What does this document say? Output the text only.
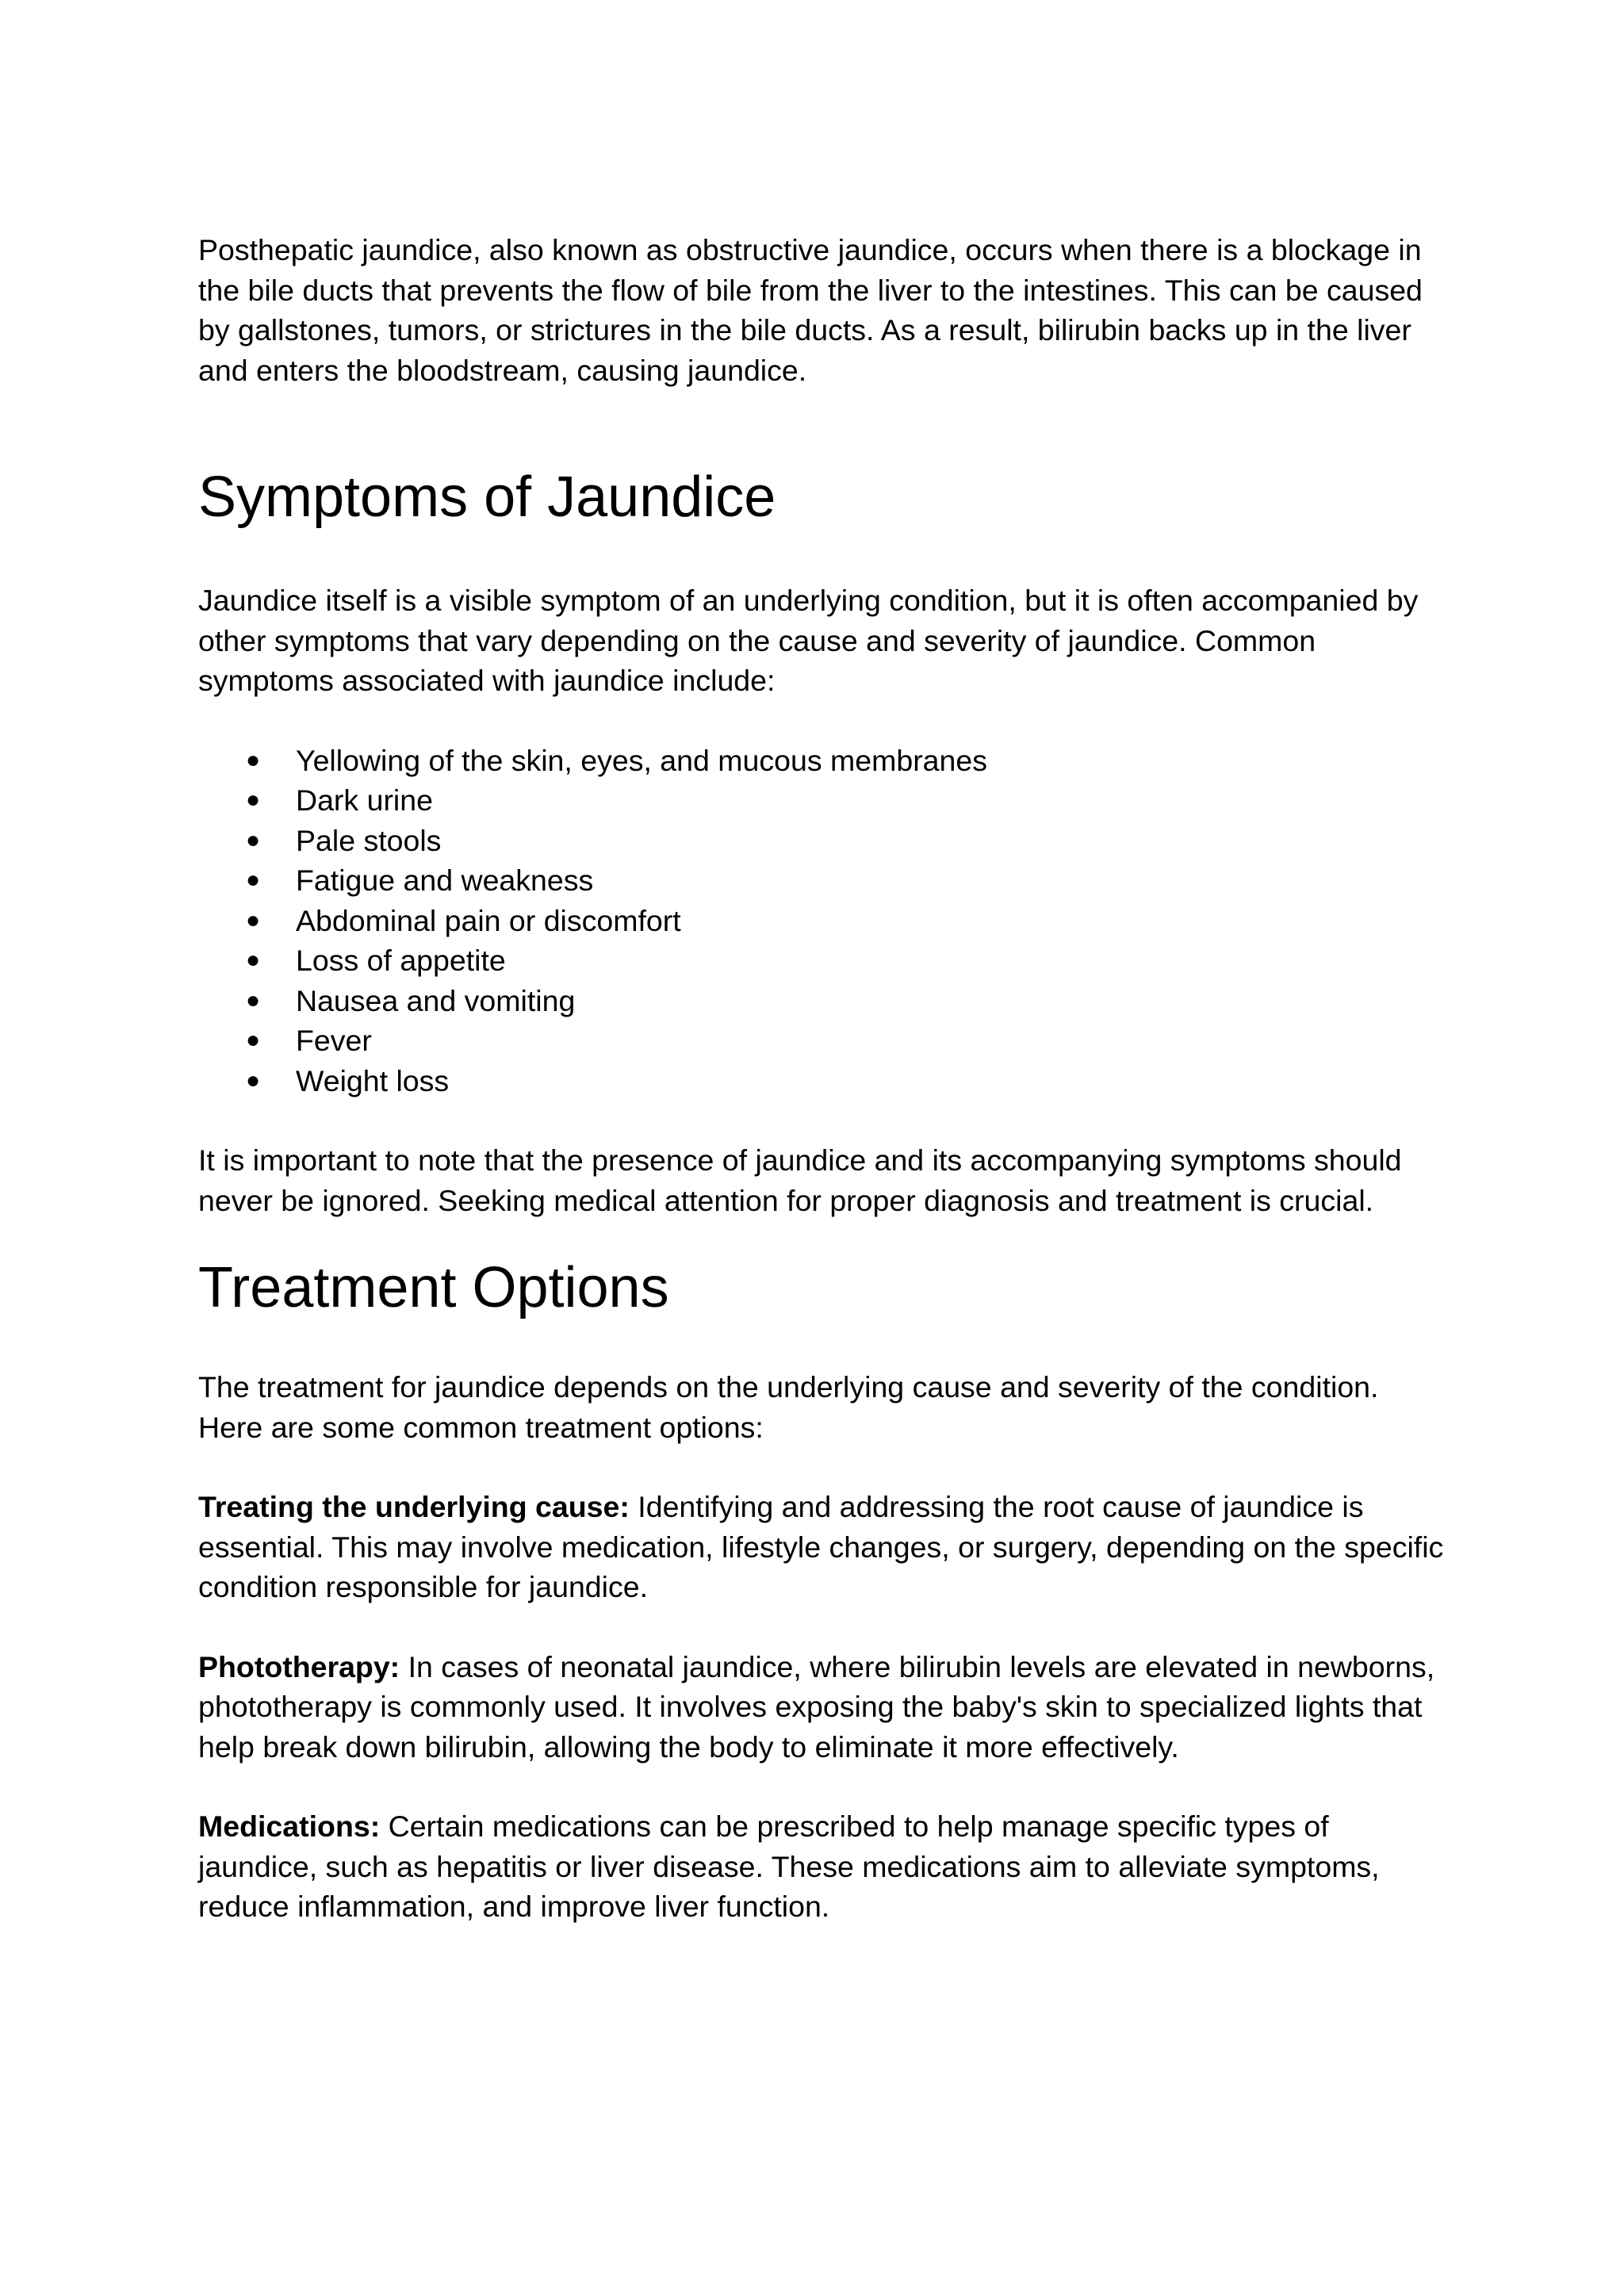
Posthepatic jaundice, also known as obstructive jaundice, occurs when there is a blockage in the bile ducts that prevents the flow of bile from the liver to the intestines. This can be caused by gallstones, tumors, or strictures in the bile ducts. As a result, bilirubin backs up in the liver and enters the bloodstream, causing jaundice.

Symptoms of Jaundice

Jaundice itself is a visible symptom of an underlying condition, but it is often accompanied by other symptoms that vary depending on the cause and severity of jaundice. Common symptoms associated with jaundice include:

● Yellowing of the skin, eyes, and mucous membranes
● Dark urine
● Pale stools
● Fatigue and weakness
● Abdominal pain or discomfort
● Loss of appetite
● Nausea and vomiting
● Fever
● Weight loss

It is important to note that the presence of jaundice and its accompanying symptoms should never be ignored. Seeking medical attention for proper diagnosis and treatment is crucial.

Treatment Options

The treatment for jaundice depends on the underlying cause and severity of the condition. Here are some common treatment options:

Treating the underlying cause: Identifying and addressing the root cause of jaundice is essential. This may involve medication, lifestyle changes, or surgery, depending on the specific condition responsible for jaundice.

Phototherapy: In cases of neonatal jaundice, where bilirubin levels are elevated in newborns, phototherapy is commonly used. It involves exposing the baby's skin to specialized lights that help break down bilirubin, allowing the body to eliminate it more effectively.

Medications: Certain medications can be prescribed to help manage specific types of jaundice, such as hepatitis or liver disease. These medications aim to alleviate symptoms, reduce inflammation, and improve liver function.
